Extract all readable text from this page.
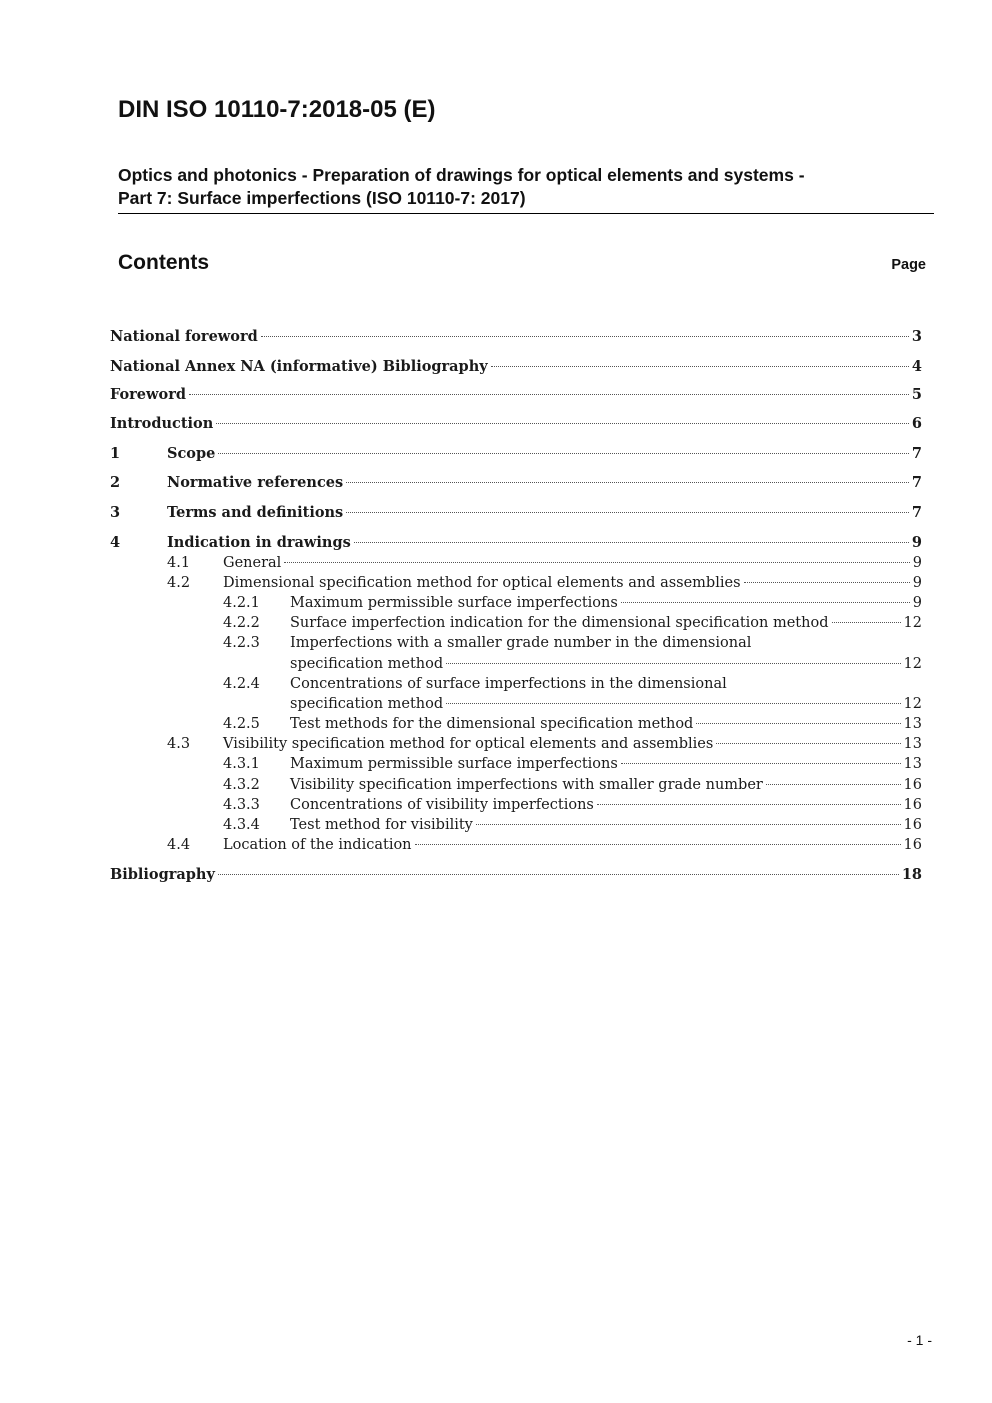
DIN ISO 10110-7:2018-05 (E)
Optics and photonics - Preparation of drawings for optical elements and systems -
Part 7: Surface imperfections (ISO 10110-7: 2017)
Contents	Page
National foreword	3
National Annex NA (informative) Bibliography	4
Foreword	5
Introduction	6
1	Scope	7
2	Normative references	7
3	Terms and definitions	7
4	Indication in drawings	9
4.1 General	9
4.2 Dimensional specification method for optical elements and assemblies	9
4.2.1 Maximum permissible surface imperfections	9
4.2.2 Surface imperfection indication for the dimensional specification method	12
4.2.3 Imperfections with a smaller grade number in the dimensional
specification method	12
4.2.4 Concentrations of surface imperfections in the dimensional
specification method	12
4.2.5 Test methods for the dimensional specification method	13
4.3 Visibility specification method for optical elements and assemblies	13
4.3.1 Maximum permissible surface imperfections	13
4.3.2 Visibility specification imperfections with smaller grade number	16
4.3.3 Concentrations of visibility imperfections	16
4.3.4 Test method for visibility	16
4.4 Location of the indication	16
Bibliography	18
- 1 -
